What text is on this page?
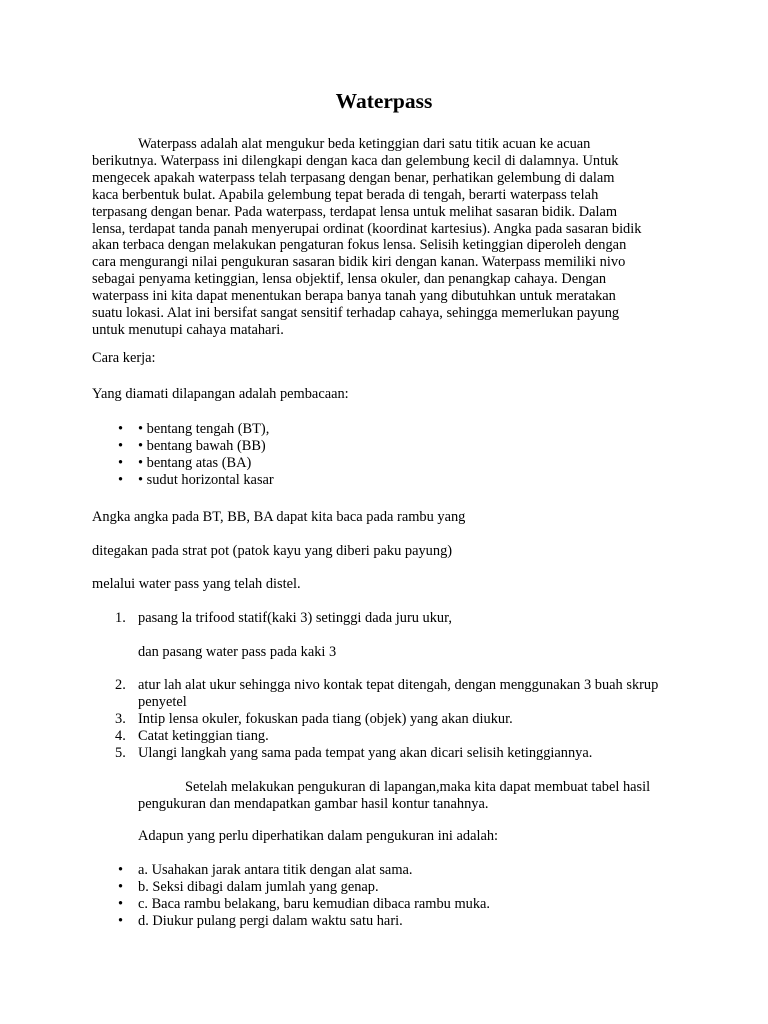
Waterpass

Waterpass adalah alat mengukur beda ketinggian dari satu titik acuan ke acuan berikutnya. Waterpass ini dilengkapi dengan kaca dan gelembung kecil di dalamnya. Untuk mengecek apakah waterpass telah terpasang dengan benar, perhatikan gelembung di dalam kaca berbentuk bulat. Apabila gelembung tepat berada di tengah, berarti waterpass telah terpasang dengan benar. Pada waterpass, terdapat lensa untuk melihat sasaran bidik. Dalam lensa, terdapat tanda panah menyerupai ordinat (koordinat kartesius). Angka pada sasaran bidik akan terbaca dengan melakukan pengaturan fokus lensa. Selisih ketinggian diperoleh dengan cara mengurangi nilai pengukuran sasaran bidik kiri dengan kanan. Waterpass memiliki nivo sebagai penyama ketinggian, lensa objektif, lensa okuler, dan penangkap cahaya. Dengan waterpass ini kita dapat menentukan berapa banya tanah yang dibutuhkan untuk meratakan suatu lokasi. Alat ini bersifat sangat sensitif terhadap cahaya, sehingga memerlukan payung untuk menutupi cahaya matahari.

Cara kerja:

Yang diamati dilapangan adalah pembacaan:

• • bentang tengah (BT),
• • bentang bawah (BB)
• • bentang atas (BA)
• • sudut horizontal kasar

Angka angka pada BT, BB, BA dapat kita baca pada rambu yang

ditegakan pada strat pot (patok kayu yang diberi paku payung)

melalui water pass yang telah distel.

1. pasang la trifood statif(kaki 3) setinggi dada juru ukur,

dan pasang water pass pada kaki 3

2. atur lah alat ukur sehingga nivo kontak tepat ditengah, dengan menggunakan 3 buah skrup penyetel
3. Intip lensa okuler, fokuskan pada tiang (objek) yang akan diukur.
4. Catat ketinggian tiang.
5. Ulangi langkah yang sama pada tempat yang akan dicari selisih ketinggiannya.

Setelah melakukan pengukuran di lapangan,maka kita dapat membuat tabel hasil pengukuran dan mendapatkan gambar hasil kontur tanahnya.

Adapun yang perlu diperhatikan dalam pengukuran ini adalah:

• a. Usahakan jarak antara titik dengan alat sama.
• b. Seksi dibagi dalam jumlah yang genap.
• c. Baca rambu belakang, baru kemudian dibaca rambu muka.
• d. Diukur pulang pergi dalam waktu satu hari.
